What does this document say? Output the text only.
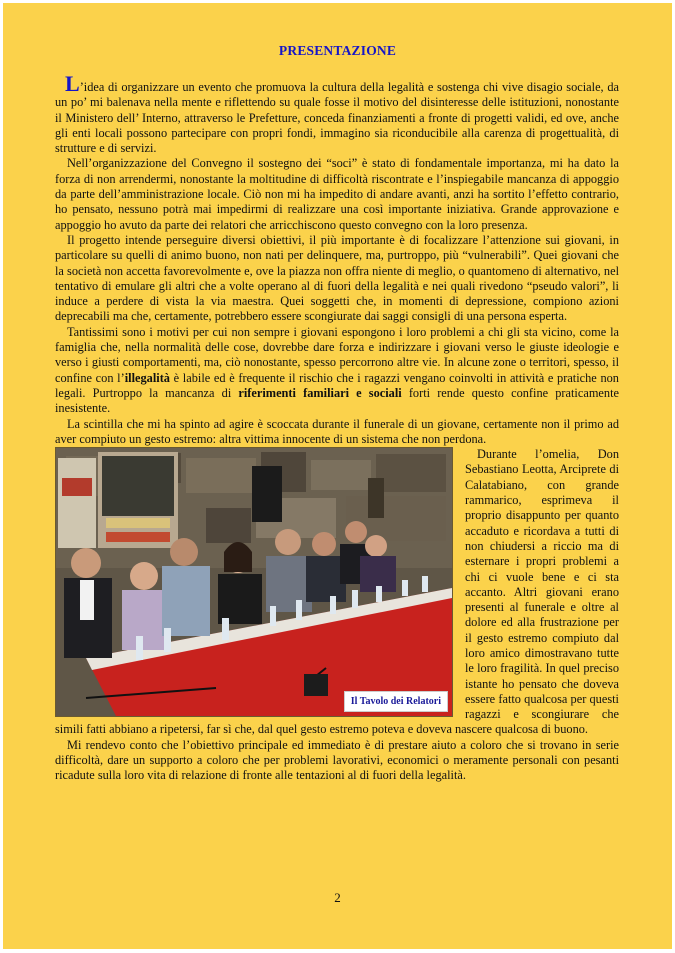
PRESENTAZIONE

L’idea di organizzare un evento che promuova la cultura della legalità e sostenga chi vive disagio sociale, da un po’ mi balenava nella mente e riflettendo su quale fosse il motivo del disinteresse delle istituzioni, nonostante il Ministero dell’ Interno, attraverso le Prefetture, conceda finanziamenti a fronte di progetti validi, ed ove, anche gli enti locali possono partecipare con propri fondi, immagino sia riconducibile alla carenza di progettualità, di strutture e di servizi.

Nell’organizzazione del Convegno il sostegno dei “soci” è stato di fondamentale importanza, mi ha dato la forza di non arrendermi, nonostante la moltitudine di difficoltà riscontrate e l’inspiegabile mancanza di appoggio da parte dell’amministrazione locale. Ciò non mi ha impedito di andare avanti, anzi ha sortito l’effetto contrario, ho pensato, nessuno potrà mai impedirmi di realizzare una così importante iniziativa. Grande approvazione e appoggio ho avuto da parte dei relatori che arricchiscono questo convegno con la loro presenza.

Il progetto intende perseguire diversi obiettivi, il più importante è di focalizzare l’attenzione sui giovani, in particolare su quelli di animo buono, non nati per delinquere, ma, purtroppo, più “vulnerabili”. Quei giovani che la società non accetta favorevolmente e, ove la piazza non offra niente di meglio, o quantomeno di alternativo, nel tentativo di emulare gli altri che a volte operano al di fuori della legalità e nei quali rivedono “pseudo valori”, li induce a perdere di vista la via maestra. Quei soggetti che, in momenti di depressione, compiono azioni deprecabili ma che, certamente, potrebbero essere scongiurate dai saggi consigli di una persona esperta.

Tantissimi sono i motivi per cui non sempre i giovani espongono i loro problemi a chi gli sta vicino, come la famiglia che, nella normalità delle cose, dovrebbe dare forza e indirizzare i giovani verso le giuste ideologie e verso i giusti comportamenti, ma, ciò nonostante, spesso percorrono altre vie. In alcune zone o territori, spesso, il confine con l’illegalità è labile ed è frequente il rischio che i ragazzi vengano coinvolti in attività e pratiche non legali. Purtroppo la mancanza di riferimenti familiari e sociali forti rende questo confine praticamente inesistente.

La scintilla che mi ha spinto ad agire è scoccata durante il funerale di un giovane, certamente non il primo ad aver compiuto un gesto estremo: altra vittima innocente di un sistema che non perdona.

Il Tavolo dei Relatori

Durante l’omelia, Don Sebastiano Leotta, Arciprete di Calatabiano, con grande rammarico, esprimeva il proprio disappunto per quanto accaduto e ricordava a tutti di non chiudersi a riccio ma di esternare i propri problemi a chi ci vuole bene e ci sta accanto. Altri giovani erano presenti al funerale e oltre al dolore ed alla frustrazione per il gesto estremo compiuto dal loro amico dimostravano tutte le loro fragilità. In quel preciso istante ho pensato che doveva essere fatto qualcosa per questi ragazzi e scongiurare che simili fatti abbiano a ripetersi, far sì che, dal quel gesto estremo poteva e doveva nascere qualcosa di buono.

Mi rendevo conto che l’obiettivo principale ed immediato è di prestare aiuto a coloro che si trovano in serie difficoltà, dare un supporto a coloro che per problemi lavorativi, economici o meramente personali con pesanti ricadute sulla loro vita di relazione di fronte alle tentazioni al di fuori della legalità.

2
